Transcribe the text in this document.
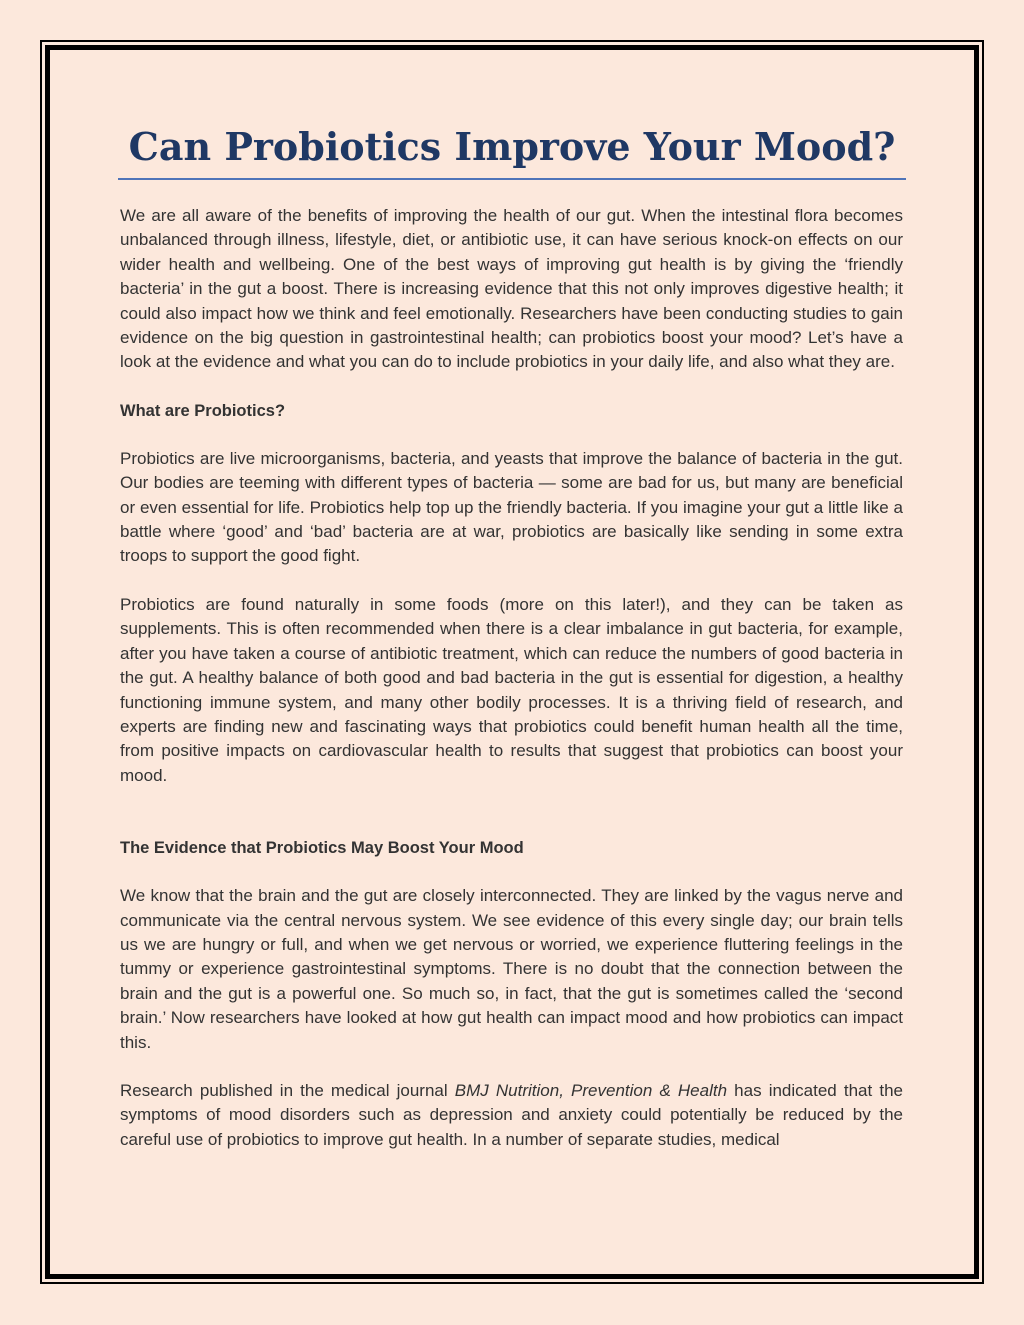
Can Probiotics Improve Your Mood?

We are all aware of the benefits of improving the health of our gut. When the intestinal flora becomes unbalanced through illness, lifestyle, diet, or antibiotic use, it can have serious knock-on effects on our wider health and wellbeing. One of the best ways of improving gut health is by giving the ‘friendly bacteria’ in the gut a boost. There is increasing evidence that this not only improves digestive health; it could also impact how we think and feel emotionally. Researchers have been conducting studies to gain evidence on the big question in gastrointestinal health; can probiotics boost your mood? Let’s have a look at the evidence and what you can do to include probiotics in your daily life, and also what they are.

What are Probiotics?

Probiotics are live microorganisms, bacteria, and yeasts that improve the balance of bacteria in the gut. Our bodies are teeming with different types of bacteria — some are bad for us, but many are beneficial or even essential for life. Probiotics help top up the friendly bacteria. If you imagine your gut a little like a battle where ‘good’ and ‘bad’ bacteria are at war, probiotics are basically like sending in some extra troops to support the good fight.

Probiotics are found naturally in some foods (more on this later!), and they can be taken as supplements. This is often recommended when there is a clear imbalance in gut bacteria, for example, after you have taken a course of antibiotic treatment, which can reduce the numbers of good bacteria in the gut. A healthy balance of both good and bad bacteria in the gut is essential for digestion, a healthy functioning immune system, and many other bodily processes. It is a thriving field of research, and experts are finding new and fascinating ways that probiotics could benefit human health all the time, from positive impacts on cardiovascular health to results that suggest that probiotics can boost your mood.

The Evidence that Probiotics May Boost Your Mood

We know that the brain and the gut are closely interconnected. They are linked by the vagus nerve and communicate via the central nervous system. We see evidence of this every single day; our brain tells us we are hungry or full, and when we get nervous or worried, we experience fluttering feelings in the tummy or experience gastrointestinal symptoms. There is no doubt that the connection between the brain and the gut is a powerful one. So much so, in fact, that the gut is sometimes called the ‘second brain.’ Now researchers have looked at how gut health can impact mood and how probiotics can impact this.

Research published in the medical journal BMJ Nutrition, Prevention & Health has indicated that the symptoms of mood disorders such as depression and anxiety could potentially be reduced by the careful use of probiotics to improve gut health. In a number of separate studies, medical
